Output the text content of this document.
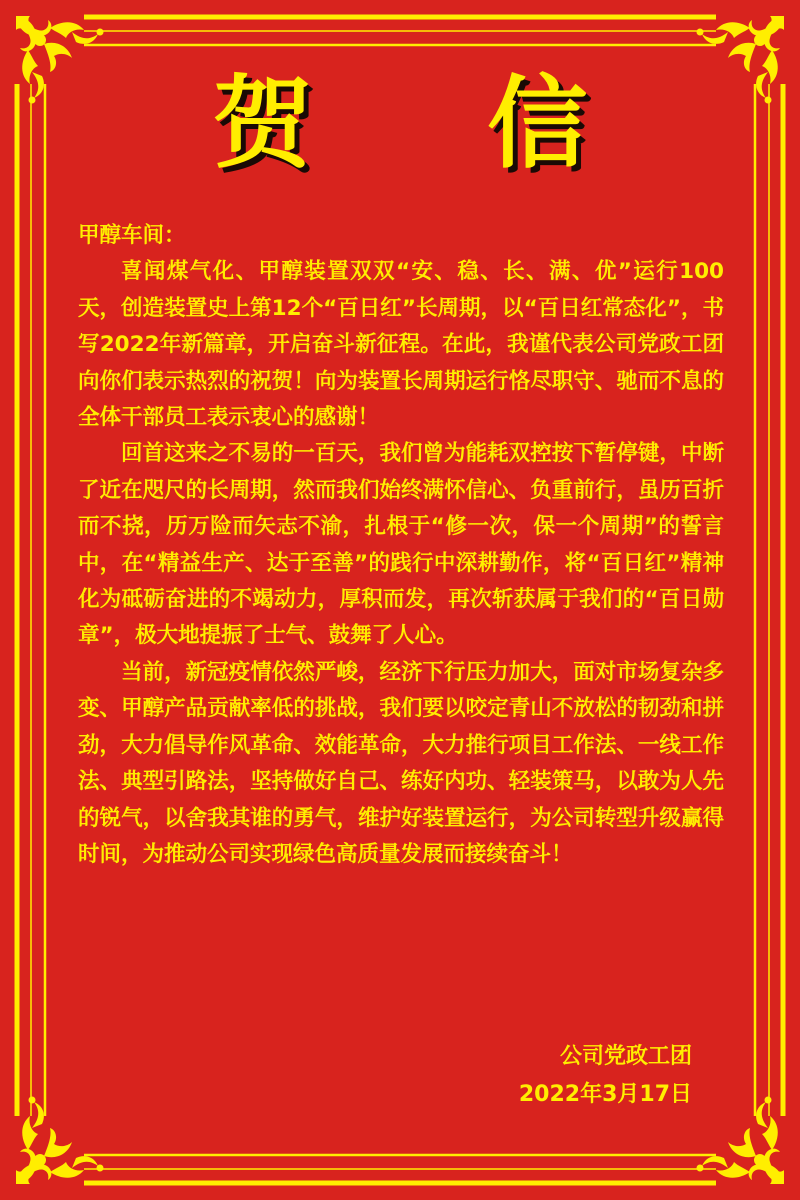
贺 信

甲醇车间：

喜闻煤气化、甲醇装置双双“安、稳、长、满、优”运行100天，创造装置史上第12个“百日红”长周期，以“百日红常态化”，书写2022年新篇章，开启奋斗新征程。在此，我谨代表公司党政工团向你们表示热烈的祝贺！向为装置长周期运行恪尽职守、驰而不息的全体干部员工表示衷心的感谢！

回首这来之不易的一百天，我们曾为能耗双控按下暂停键，中断了近在咫尺的长周期，然而我们始终满怀信心、负重前行，虽历百折而不挠，历万险而矢志不渝，扎根于“修一次，保一个周期”的誓言中，在“精益生产、达于至善”的践行中深耕勤作，将“百日红”精神化为砥砺奋进的不竭动力，厚积而发，再次斩获属于我们的“百日勋章”，极大地提振了士气、鼓舞了人心。

当前，新冠疫情依然严峻，经济下行压力加大，面对市场复杂多变、甲醇产品贡献率低的挑战，我们要以咬定青山不放松的韧劲和拼劲，大力倡导作风革命、效能革命，大力推行项目工作法、一线工作法、典型引路法，坚持做好自己、练好内功、轻装策马，以敢为人先的锐气，以舍我其谁的勇气，维护好装置运行，为公司转型升级赢得时间，为推动公司实现绿色高质量发展而接续奋斗！

公司党政工团
2022年3月17日
